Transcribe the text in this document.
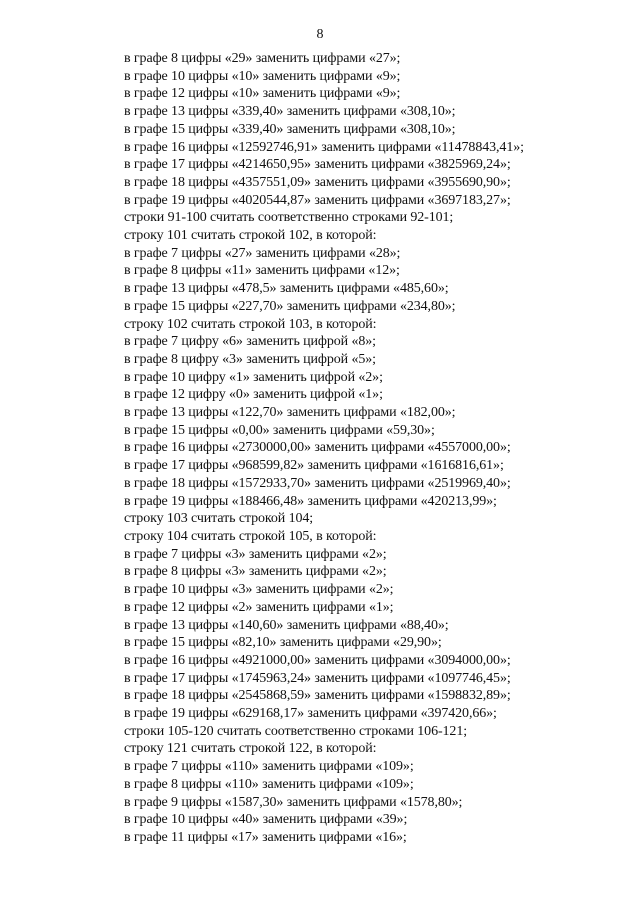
8
в графе 8 цифры «29» заменить цифрами «27»;
в графе 10 цифры «10» заменить цифрами «9»;
в графе 12 цифры «10» заменить цифрами «9»;
в графе 13 цифры «339,40» заменить цифрами «308,10»;
в графе 15 цифры «339,40» заменить цифрами «308,10»;
в графе 16 цифры «12592746,91» заменить цифрами «11478843,41»;
в графе 17 цифры «4214650,95» заменить цифрами «3825969,24»;
в графе 18 цифры «4357551,09» заменить цифрами «3955690,90»;
в графе 19 цифры «4020544,87» заменить цифрами «3697183,27»;
строки 91-100 считать соответственно строками 92-101;
строку 101 считать строкой 102, в которой:
в графе 7 цифры «27» заменить цифрами «28»;
в графе 8 цифры «11» заменить цифрами «12»;
в графе 13 цифры «478,5» заменить цифрами «485,60»;
в графе 15 цифры «227,70» заменить цифрами «234,80»;
строку 102 считать строкой 103, в которой:
в графе 7 цифру «6» заменить цифрой «8»;
в графе 8 цифру «3» заменить цифрой «5»;
в графе 10 цифру «1» заменить цифрой «2»;
в графе 12 цифру «0» заменить цифрой «1»;
в графе 13 цифры «122,70» заменить цифрами «182,00»;
в графе 15 цифры «0,00» заменить цифрами «59,30»;
в графе 16 цифры «2730000,00» заменить цифрами «4557000,00»;
в графе 17 цифры «968599,82» заменить цифрами «1616816,61»;
в графе 18 цифры «1572933,70» заменить цифрами «2519969,40»;
в графе 19 цифры «188466,48» заменить цифрами «420213,99»;
строку 103 считать строкой 104;
строку 104 считать строкой 105, в которой:
в графе 7 цифры «3» заменить цифрами «2»;
в графе 8 цифры «3» заменить цифрами «2»;
в графе 10 цифры «3» заменить цифрами «2»;
в графе 12 цифры «2» заменить цифрами «1»;
в графе 13 цифры «140,60» заменить цифрами «88,40»;
в графе 15 цифры «82,10» заменить цифрами «29,90»;
в графе 16 цифры «4921000,00» заменить цифрами «3094000,00»;
в графе 17 цифры «1745963,24» заменить цифрами «1097746,45»;
в графе 18 цифры «2545868,59» заменить цифрами «1598832,89»;
в графе 19 цифры «629168,17» заменить цифрами «397420,66»;
строки 105-120 считать соответственно строками 106-121;
строку 121 считать строкой 122, в которой:
в графе 7 цифры «110» заменить цифрами «109»;
в графе 8 цифры «110» заменить цифрами «109»;
в графе 9 цифры «1587,30» заменить цифрами «1578,80»;
в графе 10 цифры «40» заменить цифрами «39»;
в графе 11 цифры «17» заменить цифрами «16»;
